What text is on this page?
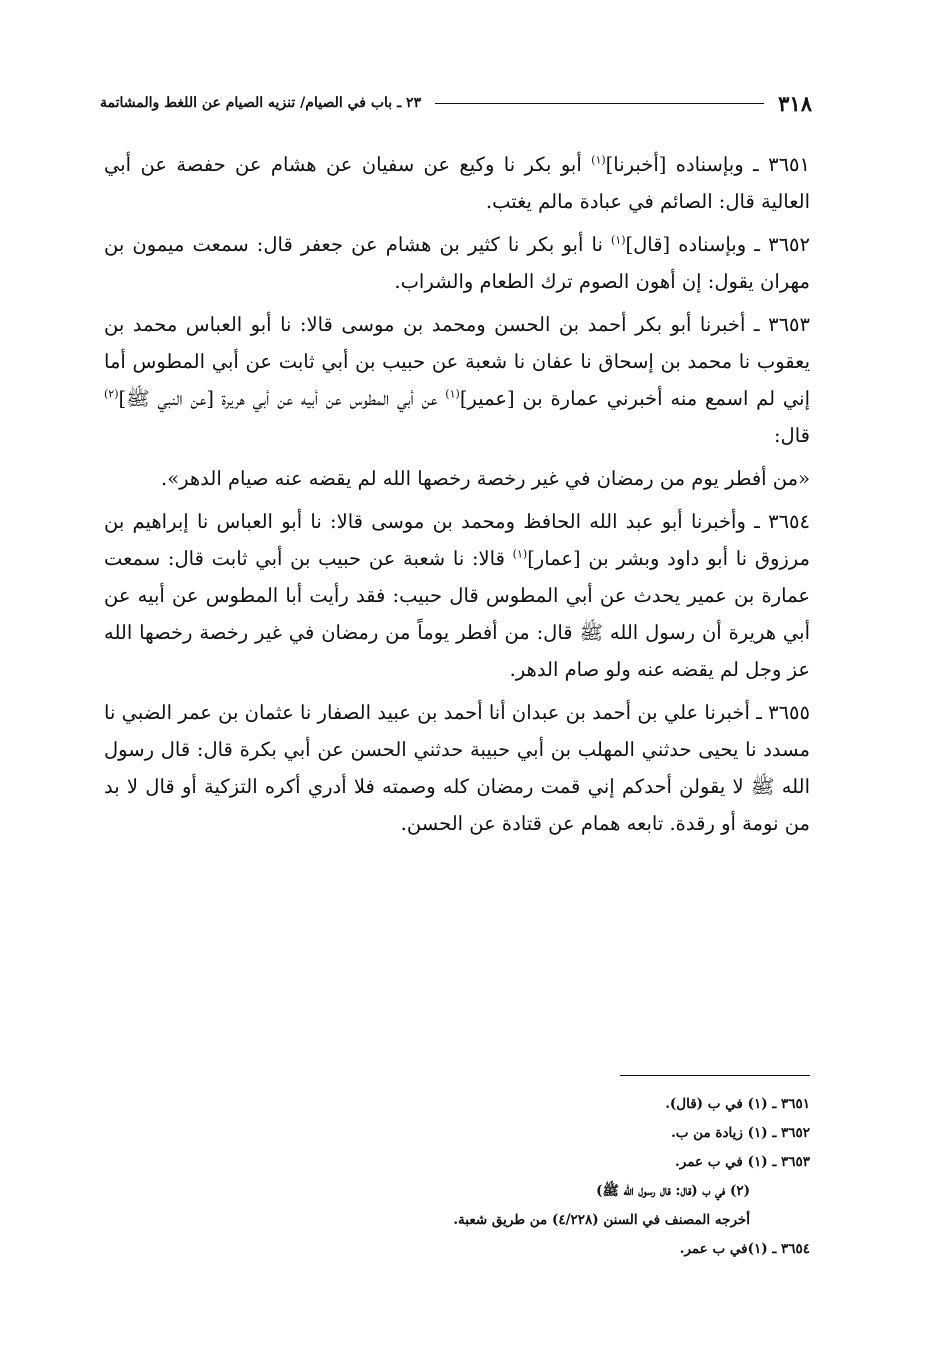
٣١٨
٢٣ ـ باب في الصيام/ تنزيه الصيام عن اللغط والمشاتمة

٣٦٥١ ـ وبإسناده [أخبرنا]$^{(١)}$ أبو بكر نا وكيع عن سفيان عن هشام عن حفصة عن أبي العالية قال: الصائم في عبادة مالم يغتب.

٣٦٥٢ ـ وبإسناده [قال]$^{(١)}$ نا أبو بكر نا كثير بن هشام عن جعفر قال: سمعت ميمون بن مهران يقول: إن أهون الصوم ترك الطعام والشراب.

٣٦٥٣ ـ أخبرنا أبو بكر أحمد بن الحسن ومحمد بن موسى قالا: نا أبو العباس محمد بن يعقوب نا محمد بن إسحاق نا عفان نا شعبة عن حبيب بن أبي ثابت عن أبي المطوس أما إني لم اسمع منه أخبرني عمارة بن [عمير]$^{(١)}$ عن أبي المطوس عن أبيه عن أبي هريرة [عن النبي ﷺ]$^{(٢)}$ قال:

«من أفطر يوم من رمضان في غير رخصة رخصها الله لم يقضه عنه صيام الدهر».

٣٦٥٤ ـ وأخبرنا أبو عبد الله الحافظ ومحمد بن موسى قالا: نا أبو العباس نا إبراهيم بن مرزوق نا أبو داود وبشر بن [عمار]$^{(١)}$ قالا: نا شعبة عن حبيب بن أبي ثابت قال: سمعت عمارة بن عمير يحدث عن أبي المطوس قال حبيب: فقد رأيت أبا المطوس عن أبيه عن أبي هريرة أن رسول الله ﷺ قال: من أفطر يوماً من رمضان في غير رخصة رخصها الله عز وجل لم يقضه عنه ولو صام الدهر.

٣٦٥٥ ـ أخبرنا علي بن أحمد بن عبدان أنا أحمد بن عبيد الصفار نا عثمان بن عمر الضبي نا مسدد نا يحيى حدثني المهلب بن أبي حبيبة حدثني الحسن عن أبي بكرة قال: قال رسول الله ﷺ لا يقولن أحدكم إني قمت رمضان كله وصمته فلا أدري أكره التزكية أو قال لا بد من نومة أو رقدة. تابعه همام عن قتادة عن الحسن.

٣٦٥١ ـ (١) في ب (قال).
٣٦٥٢ ـ (١) زيادة من ب.
٣٦٥٣ ـ (١) في ب عمر.
(٢) في ب (قال: قال رسول الله ﷺ)
أخرجه المصنف في السنن (٤/٢٢٨) من طريق شعبة.
٣٦٥٤ ـ (١)في ب عمر.
